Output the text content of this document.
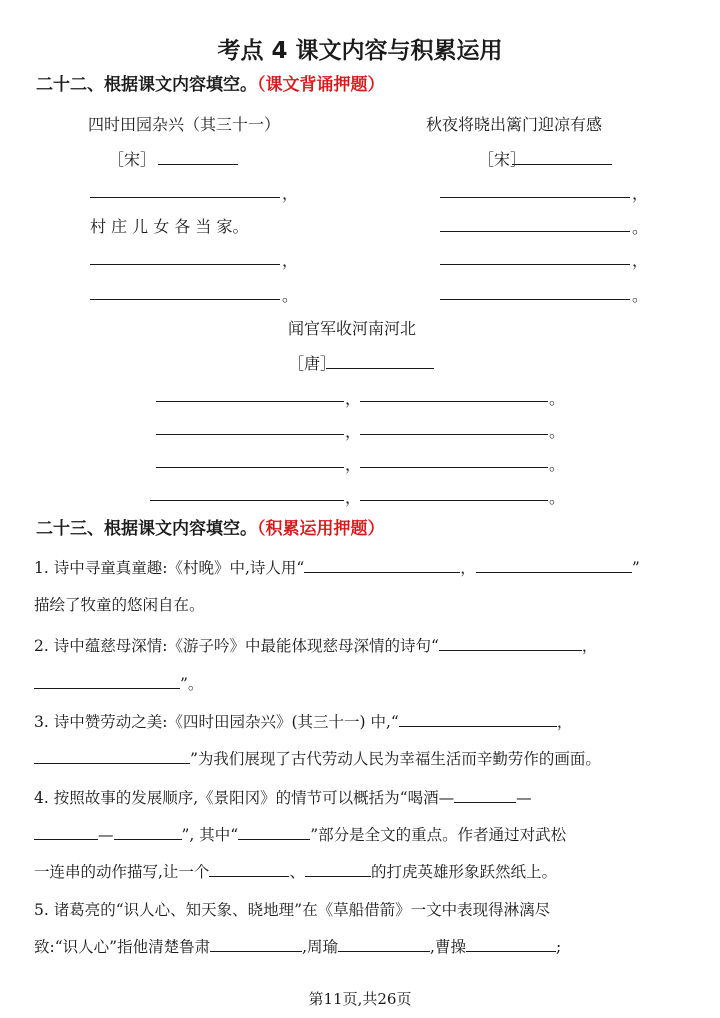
考点 4 课文内容与积累运用
二十二、根据课文内容填空。（课文背诵押题）
四时田园杂兴（其三十一）
［宋］
，
村 庄 儿 女 各 当 家。
，
。
秋夜将晓出篱门迎凉有感
［宋］
，
。
，
。
闻官军收河南河北
［唐］
，	。
，	。
，	。
，	。
二十三、根据课文内容填空。（积累运用押题）
1. 诗中寻童真童趣:《村晚》中,诗人用“	，	”
描绘了牧童的悠闲自在。
2. 诗中蕴慈母深情:《游子吟》中最能体现慈母深情的诗句“	，
”。
3. 诗中赞劳动之美:《四时田园杂兴》(其三十一) 中,“	，
”为我们展现了古代劳动人民为幸福生活而辛勤劳作的画面。
4. 按照故事的发展顺序,《景阳冈》的情节可以概括为“喝酒—	—
—	”, 其中“	”部分是全文的重点。作者通过对武松
一连串的动作描写,让一个	、	的打虎英雄形象跃然纸上。
5. 诸葛亮的“识人心、知天象、晓地理”在《草船借箭》一文中表现得淋漓尽
致:“识人心”指他清楚鲁肃	,周瑜	,曹操	;
第11页,共26页
